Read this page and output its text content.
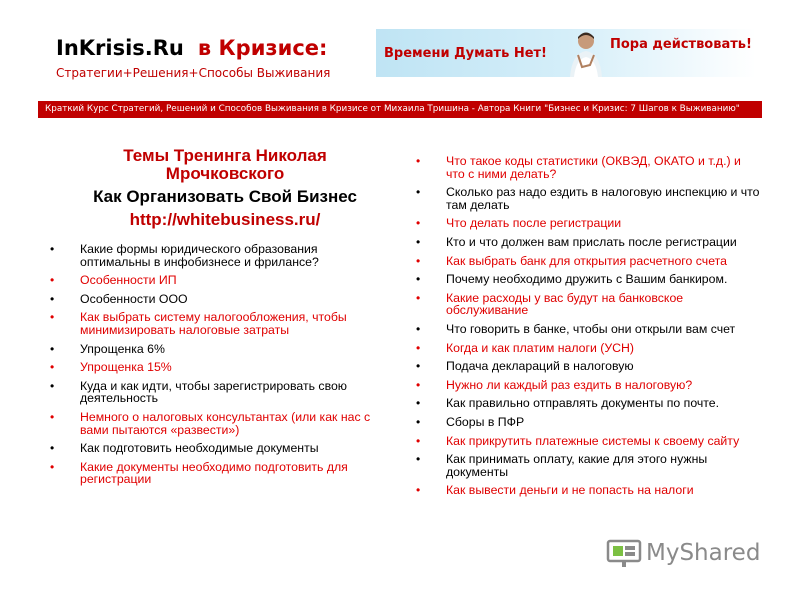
InKrisis.Ru в Кризисе:
Стратегии+Решения+Способы Выживания
Времени Думать Нет!
Пора действовать!
Краткий Курс Стратегий, Решений и Способов Выживания в Кризисе от Михаила Тришина - Автора Книги "Бизнес и Кризис: 7 Шагов к Выживанию"
Темы Тренинга Николая
Мрочковского
Как Организовать Свой Бизнес
http://whitebusiness.ru/
• Какие формы юридического образования оптимальны в инфобизнесе и фрилансе?
• Особенности ИП
• Особенности ООО
• Как выбрать систему налогообложения, чтобы минимизировать налоговые затраты
• Упрощенка 6%
• Упрощенка 15%
• Куда и как идти, чтобы зарегистрировать свою деятельность
• Немного о налоговых консультантах (или как нас с вами пытаются «развести»)
• Как подготовить необходимые документы
• Какие документы необходимо подготовить для регистрации
• Что такое коды статистики (ОКВЭД, ОКАТО и т.д.) и что с ними делать?
• Сколько раз надо ездить в налоговую инспекцию и что там делать
• Что делать после регистрации
• Кто и что должен вам прислать после регистрации
• Как выбрать банк для открытия расчетного счета
• Почему необходимо дружить с Вашим банкиром.
• Какие расходы у вас будут на банковское обслуживание
• Что говорить в банке, чтобы они открыли вам счет
• Когда и как платим налоги (УСН)
• Подача деклараций в налоговую
• Нужно ли каждый раз ездить в налоговую?
• Как правильно отправлять документы по почте.
• Сборы в ПФР
• Как прикрутить платежные системы к своему сайту
• Как принимать оплату, какие для этого нужны документы
• Как вывести деньги и не попасть на налоги
MyShared
